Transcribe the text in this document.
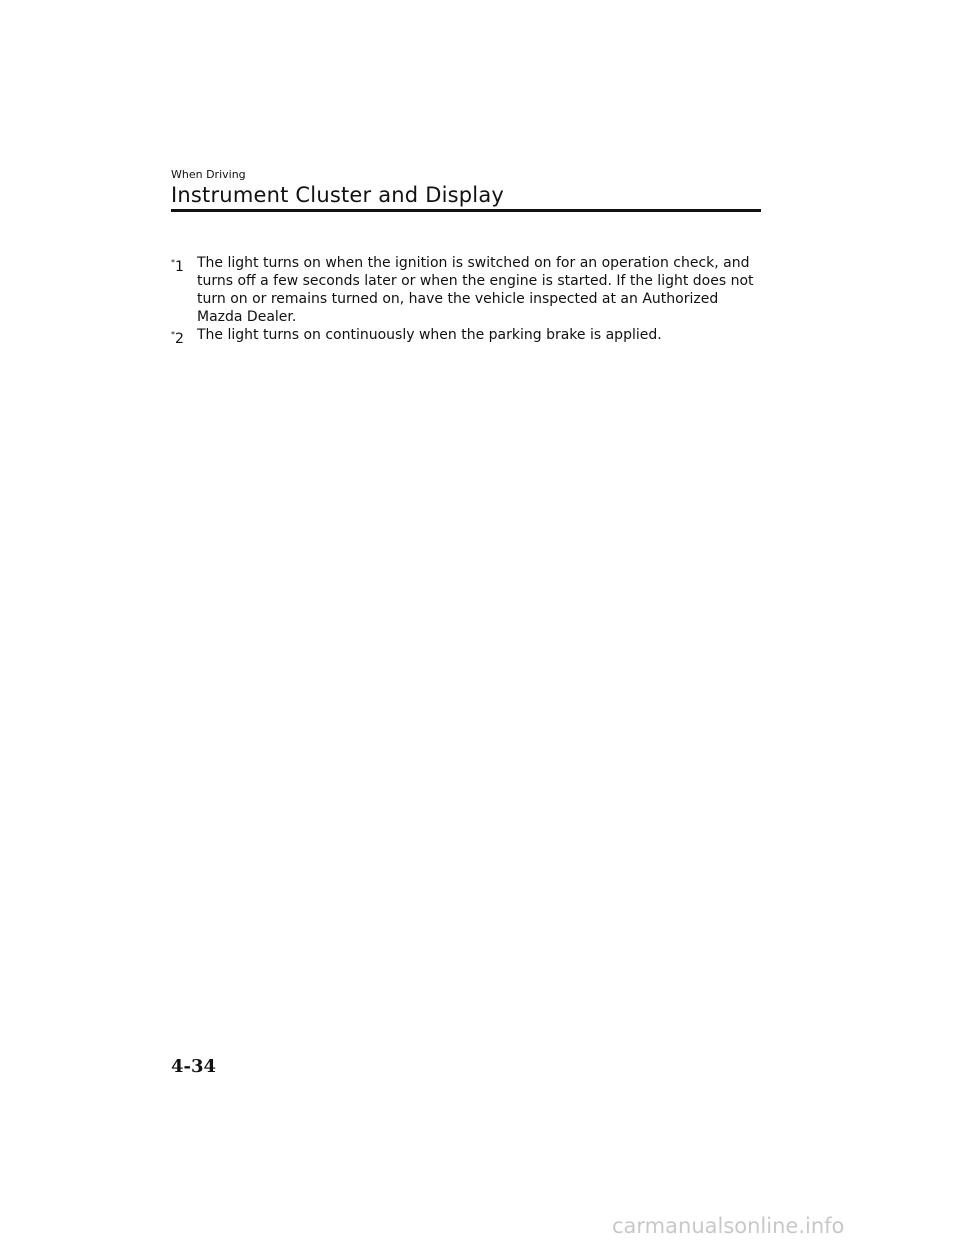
When Driving
Instrument Cluster and Display

*1 The light turns on when the ignition is switched on for an operation check, and turns off a few seconds later or when the engine is started. If the light does not turn on or remains turned on, have the vehicle inspected at an Authorized Mazda Dealer.

*2 The light turns on continuously when the parking brake is applied.

4-34
carmanualsonline.info
